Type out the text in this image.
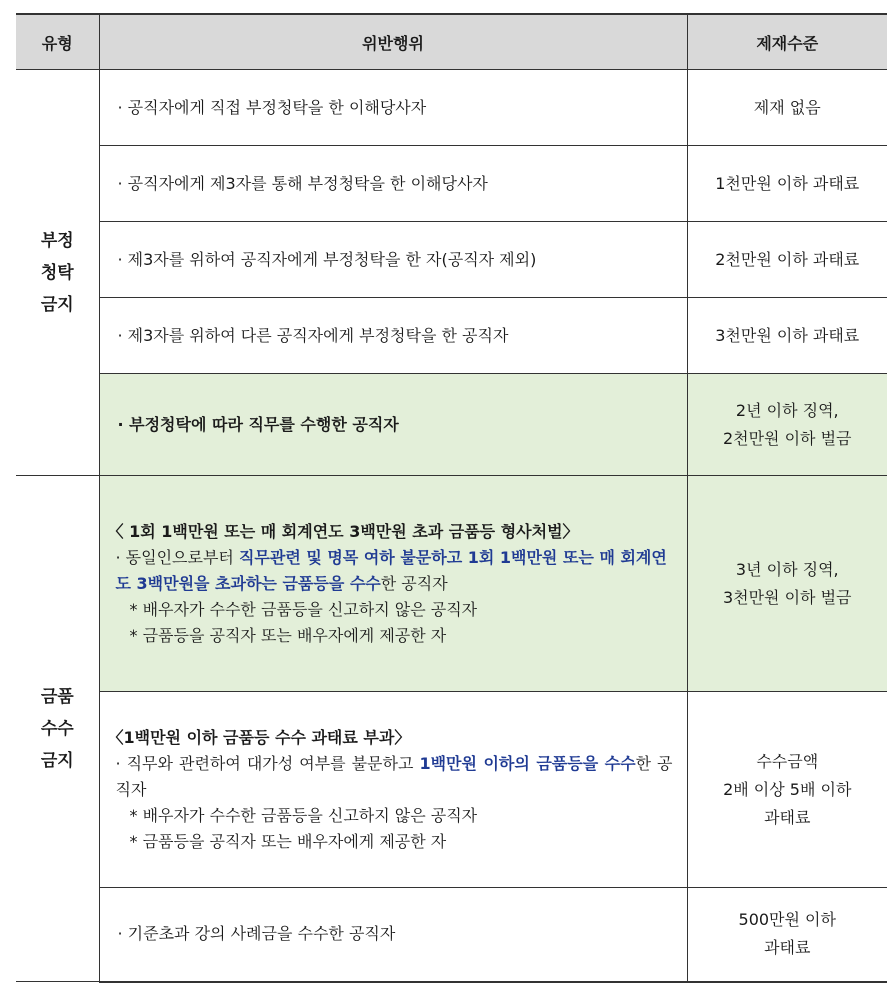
유형	위반행위	제재수준

부정
청탁
금지	· 공직자에게 직접 부정청탁을 한 이해당사자	제재 없음
	· 공직자에게 제3자를 통해 부정청탁을 한 이해당사자	1천만원 이하 과태료
	· 제3자를 위하여 공직자에게 부정청탁을 한 자(공직자 제외)	2천만원 이하 과태료
	· 제3자를 위하여 다른 공직자에게 부정청탁을 한 공직자	3천만원 이하 과태료
	· 부정청탁에 따라 직무를 수행한 공직자	2년 이하 징역,
2천만원 이하 벌금

금품
수수
금지	〈 1회 1백만원 또는 매 회계연도 3백만원 초과 금품등 형사처벌〉
· 동일인으로부터 직무관련 및 명목 여하 불문하고 1회 1백만원 또는 매 회계연도 3백만원을 초과하는 금품등을 수수한 공직자
* 배우자가 수수한 금품등을 신고하지 않은 공직자
* 금품등을 공직자 또는 배우자에게 제공한 자	3년 이하 징역,
3천만원 이하 벌금

	〈1백만원 이하 금품등 수수 과태료 부과〉
· 직무와 관련하여 대가성 여부를 불문하고 1백만원 이하의 금품등을 수수한 공직자
* 배우자가 수수한 금품등을 신고하지 않은 공직자
* 금품등을 공직자 또는 배우자에게 제공한 자	수수금액
2배 이상 5배 이하
과태료

	· 기준초과 강의 사례금을 수수한 공직자	500만원 이하
과태료
